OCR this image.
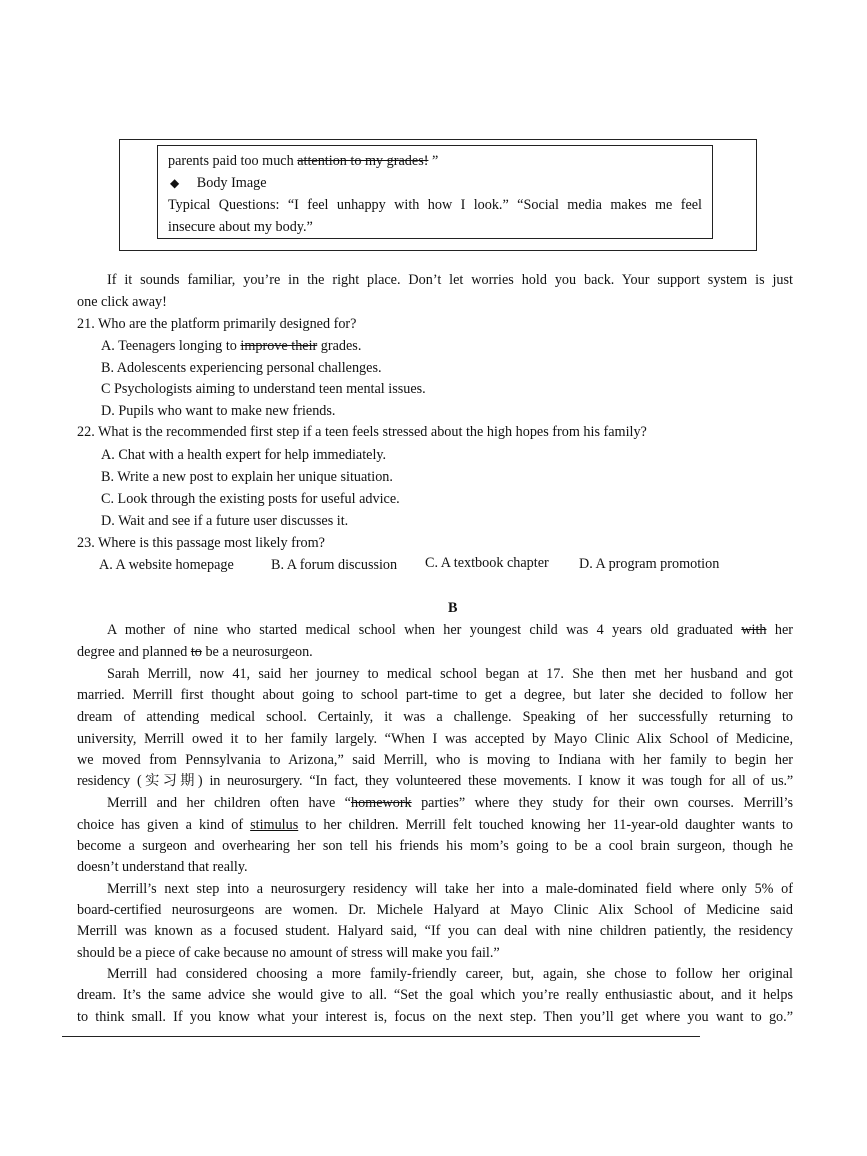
parents paid too much attention to my grades! ”
◆ Body Image
Typical Questions: “I feel unhappy with how I look.” “Social media makes me feel
insecure about my body.”
If it sounds familiar, you’re in the right place. Don’t let worries hold you back. Your support system is just
one click away!
21. Who are the platform primarily designed for?
A. Teenagers longing to improve their grades.
B. Adolescents experiencing personal challenges.
C Psychologists aiming to understand teen mental issues.
D. Pupils who want to make new friends.
22. What is the recommended first step if a teen feels stressed about the high hopes from his family?
A. Chat with a health expert for help immediately.
B. Write a new post to explain her unique situation.
C. Look through the existing posts for useful advice.
D. Wait and see if a future user discusses it.
23. Where is this passage most likely from?
A. A website homepage	B. A forum discussion C. A textbook chapter D. A program promotion
B
A mother of nine who started medical school when her youngest child was 4 years old graduated with her
degree and planned to be a neurosurgeon.
Sarah Merrill, now 41, said her journey to medical school began at 17. She then met her husband and got
married. Merrill first thought about going to school part-time to get a degree, but later she decided to follow her
dream of attending medical school. Certainly, it was a challenge. Speaking of her successfully returning to
university, Merrill owed it to her family largely. “When I was accepted by Mayo Clinic Alix School of Medicine,
we moved from Pennsylvania to Arizona,” said Merrill, who is moving to Indiana with her family to begin her
residency (实习期) in neurosurgery. “In fact, they volunteered these movements. I know it was tough for all of us.”
Merrill and her children often have “homework parties” where they study for their own courses. Merrill’s
choice has given a kind of stimulus to her children. Merrill felt touched knowing her 11-year-old daughter wants to
become a surgeon and overhearing her son tell his friends his mom’s going to be a cool brain surgeon, though he
doesn’t understand that really.
Merrill’s next step into a neurosurgery residency will take her into a male-dominated field where only 5% of
board-certified neurosurgeons are women. Dr. Michele Halyard at Mayo Clinic Alix School of Medicine said
Merrill was known as a focused student. Halyard said, “If you can deal with nine children patiently, the residency
should be a piece of cake because no amount of stress will make you fail.”
Merrill had considered choosing a more family-friendly career, but, again, she chose to follow her original
dream. It’s the same advice she would give to all. “Set the goal which you’re really enthusiastic about, and it helps
to think small. If you know what your interest is, focus on the next step. Then you’ll get where you want to go.”
